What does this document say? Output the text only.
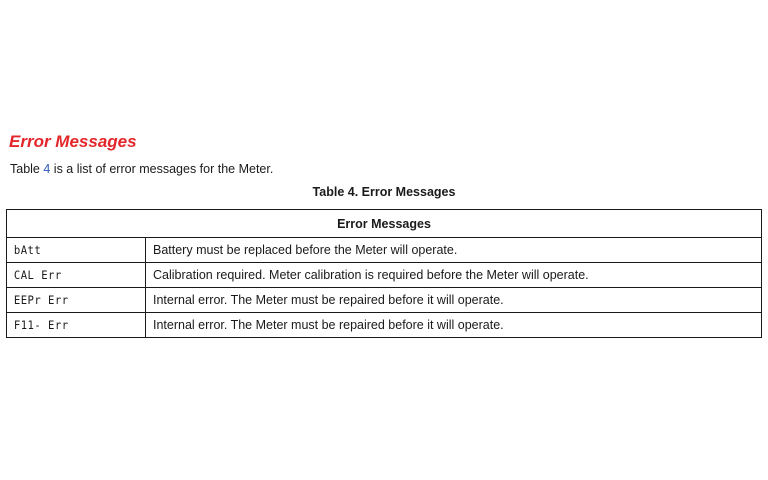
Error Messages

Table 4 is a list of error messages for the Meter.

Table 4. Error Messages

Error Messages	
bAtt	Battery must be replaced before the Meter will operate.
CAL Err	Calibration required. Meter calibration is required before the Meter will operate.
EEPr Err	Internal error. The Meter must be repaired before it will operate.
F11- Err	Internal error. The Meter must be repaired before it will operate.
